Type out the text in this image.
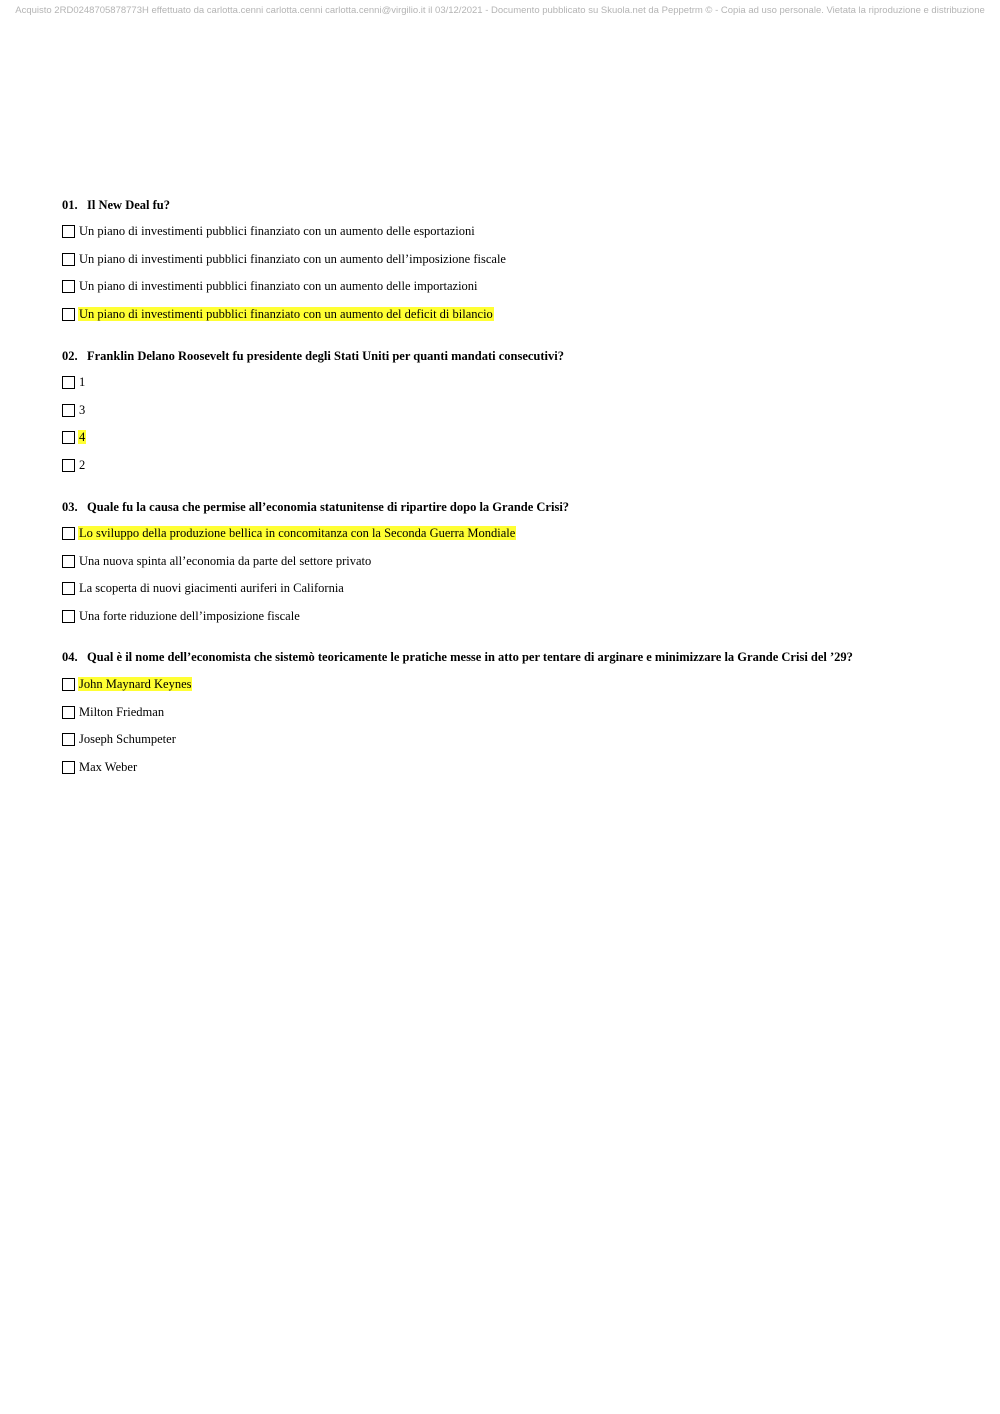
Acquisto 2RD0248705878773H effettuato da carlotta.cenni carlotta.cenni carlotta.cenni@virgilio.it il 03/12/2021 - Documento pubblicato su Skuola.net da Peppetrm © - Copia ad uso personale. Vietata la riproduzione e distribuzione
01. Il New Deal fu?
Un piano di investimenti pubblici finanziato con un aumento delle esportazioni
Un piano di investimenti pubblici finanziato con un aumento dell’imposizione fiscale
Un piano di investimenti pubblici finanziato con un aumento delle importazioni
Un piano di investimenti pubblici finanziato con un aumento del deficit di bilancio
02. Franklin Delano Roosevelt fu presidente degli Stati Uniti per quanti mandati consecutivi?
1
3
4
2
03. Quale fu la causa che permise all’economia statunitense di ripartire dopo la Grande Crisi?
Lo sviluppo della produzione bellica in concomitanza con la Seconda Guerra Mondiale
Una nuova spinta all’economia da parte del settore privato
La scoperta di nuovi giacimenti auriferi in California
Una forte riduzione dell’imposizione fiscale
04. Qual è il nome dell’economista che sistemò teoricamente le pratiche messe in atto per tentare di arginare e minimizzare la Grande Crisi del ’29?
John Maynard Keynes
Milton Friedman
Joseph Schumpeter
Max Weber
